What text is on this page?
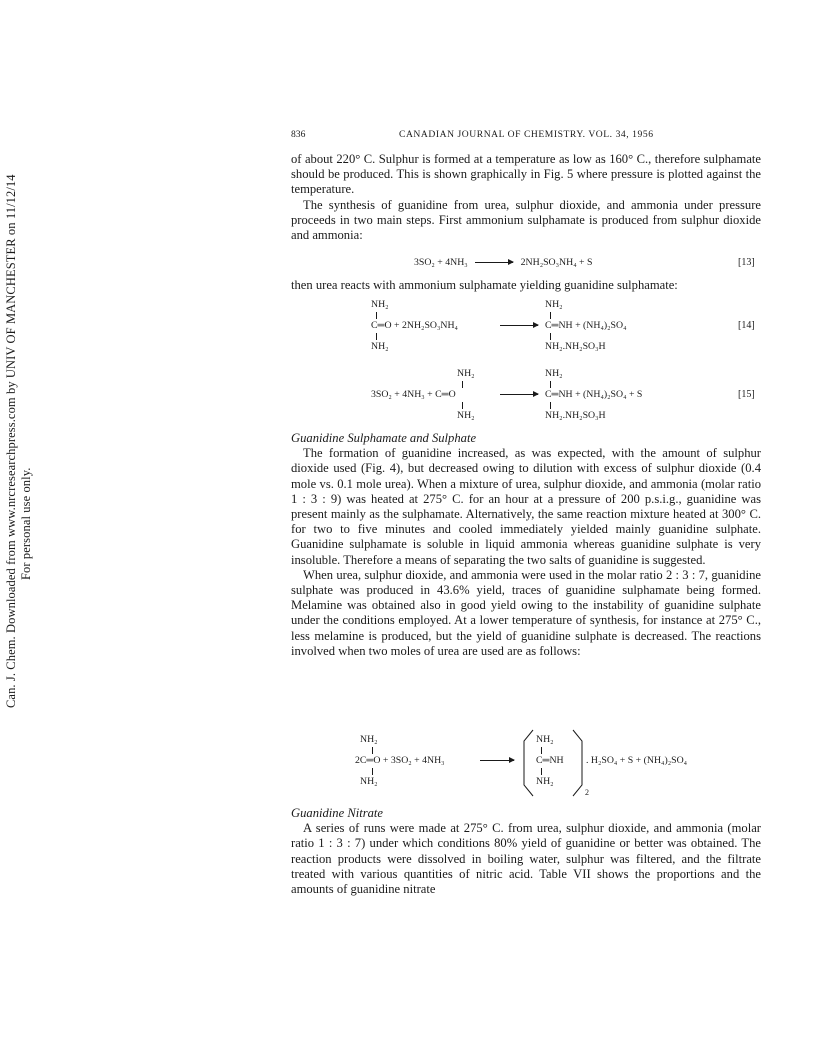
Can. J. Chem. Downloaded from www.nrcresearchpress.com by UNIV OF MANCHESTER on 11/12/14 For personal use only.
836	CANADIAN JOURNAL OF CHEMISTRY. VOL. 34, 1956

of about 220° C. Sulphur is formed at a temperature as low as 160° C., therefore sulphamate should be produced. This is shown graphically in Fig. 5 where pressure is plotted against the temperature.

The synthesis of guanidine from urea, sulphur dioxide, and ammonia under pressure proceeds in two main steps. First ammonium sulphamate is produced from sulphur dioxide and ammonia:

3SO₂ + 4NH₃ → 2NH₂SO₃NH₄ + S	[13]

then urea reacts with ammonium sulphamate yielding guanidine sulphamate:

NH₂
C═O + 2NH₂SO₃NH₄
NH₂
NH₂
C═NH + (NH₄)₂SO₄
NH₂.NH₂SO₃H
[14]
NH₂
3SO₂ + 4NH₃ + C═O
NH₂
NH₂
C═NH + (NH₄)₂SO₄ + S
NH₂.NH₂SO₃H
[15]

Guanidine Sulphamate and Sulphate

The formation of guanidine increased, as was expected, with the amount of sulphur dioxide used (Fig. 4), but decreased owing to dilution with excess of sulphur dioxide (0.4 mole vs. 0.1 mole urea). When a mixture of urea, sulphur dioxide, and ammonia (molar ratio 1 : 3 : 9) was heated at 275° C. for an hour at a pressure of 200 p.s.i.g., guanidine was present mainly as the sulphamate. Alternatively, the same reaction mixture heated at 300° C. for two to five minutes and cooled immediately yielded mainly guanidine sulphate. Guanidine sulphamate is soluble in liquid ammonia whereas guanidine sulphate is very insoluble. Therefore a means of separating the two salts of guanidine is suggested.

When urea, sulphur dioxide, and ammonia were used in the molar ratio 2 : 3 : 7, guanidine sulphate was produced in 43.6% yield, traces of guanidine sulphamate being formed. Melamine was obtained also in good yield owing to the instability of guanidine sulphate under the conditions employed. At a lower temperature of synthesis, for instance at 275° C., less melamine is produced, but the yield of guanidine sulphate is decreased. The reactions involved when two moles of urea are used are as follows:

NH₂
2C═O + 3SO₂ + 4NH₃
NH₂
NH₂
C═NH
NH₂
. H₂SO₄ + S + (NH₄)₂SO₄
2

Guanidine Nitrate

A series of runs were made at 275° C. from urea, sulphur dioxide, and ammonia (molar ratio 1 : 3 : 7) under which conditions 80% yield of guanidine or better was obtained. The reaction products were dissolved in boiling water, sulphur was filtered, and the filtrate treated with various quantities of nitric acid. Table VII shows the proportions and the amounts of guanidine nitrate
